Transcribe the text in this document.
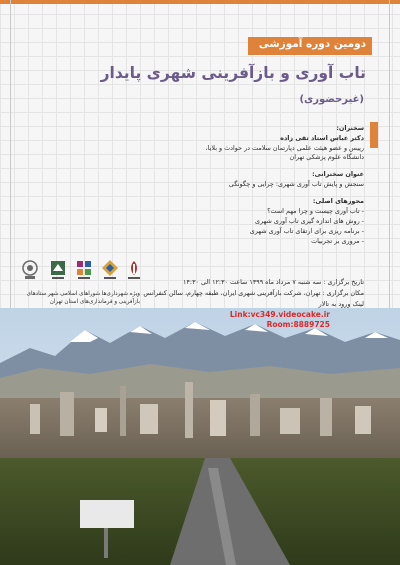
دومین دوره آموزشی
تاب آوری و بازآفرینی شهری پایدار
(غیرحضوری)
سخنران:
دکتر عباس استاد تقی زاده
رییس و عضو هیئت علمی دپارتمان سلامت در حوادث و بلایا،
دانشگاه علوم پزشکی تهران
عنوان سخنرانی:
سنجش و پایش تاب آوری شهری: چرایی و چگونگی
محورهای اصلی:
- تاب آوری چیست و چرا مهم است؟
- روش های اندازه گیری تاب آوری شهری
- برنامه ریزی برای ارتقای تاب آوری شهری
- مروری بر تجربیات
تاریخ برگزاری : سه شنبه ۷ مرداد ماه ۱۳۹۹ ساعت ۱۲:۳۰ الی ۱۴:۳۰
مکان برگزاری : تهران، شرکت بازآفرینی شهری ایران، طبقه چهارم، سالن کنفرانس
لینک ورود به تالار
ویژه شهرداری‌ها شوراهای اسلامی شهر ستادهای بازآفرینی و فرمانداری‌های استان تهران
Link:vc349.videocake.ir
Room:8889725
